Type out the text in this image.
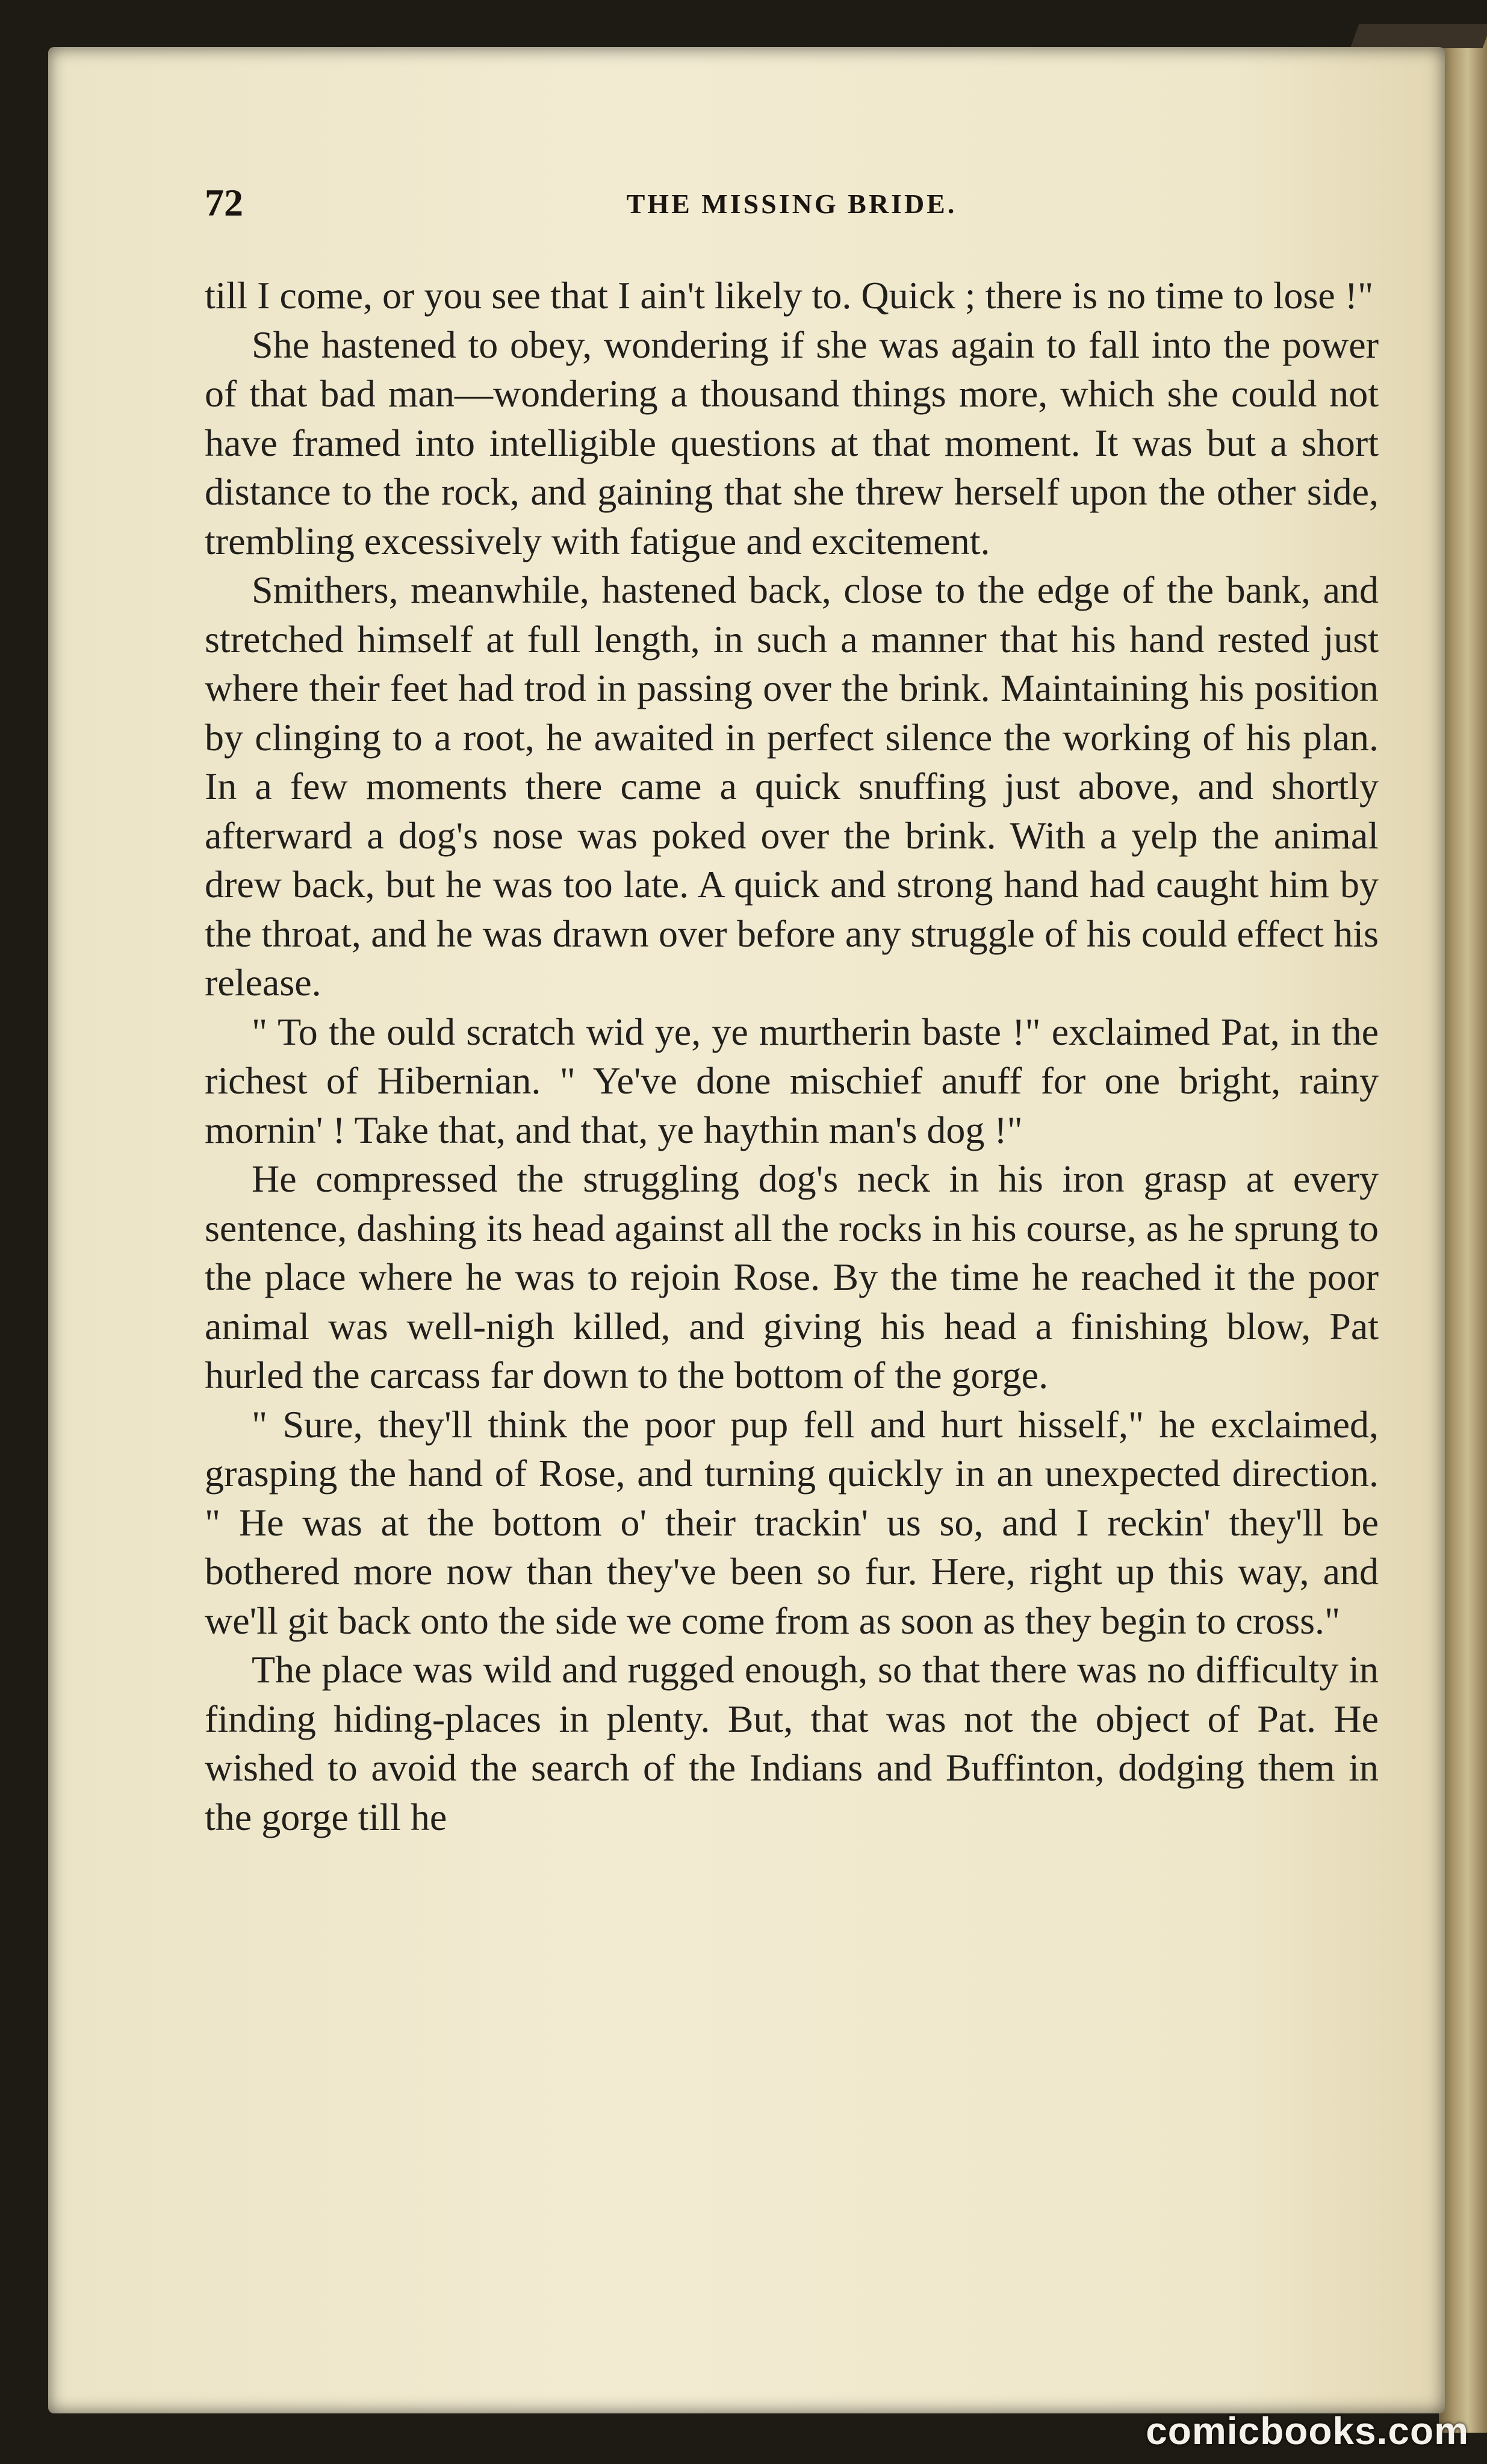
72	THE MISSING BRIDE.

till I come, or you see that I ain't likely to. Quick ; there is no time to lose !"

She hastened to obey, wondering if she was again to fall into the power of that bad man—wondering a thousand things more, which she could not have framed into intelligible questions at that moment. It was but a short distance to the rock, and gaining that she threw herself upon the other side, trembling excessively with fatigue and excitement.

Smithers, meanwhile, hastened back, close to the edge of the bank, and stretched himself at full length, in such a manner that his hand rested just where their feet had trod in passing over the brink. Maintaining his position by clinging to a root, he awaited in perfect silence the working of his plan. In a few moments there came a quick snuffing just above, and shortly afterward a dog's nose was poked over the brink. With a yelp the animal drew back, but he was too late. A quick and strong hand had caught him by the throat, and he was drawn over before any struggle of his could effect his release.

" To the ould scratch wid ye, ye murtherin baste !" exclaimed Pat, in the richest of Hibernian. " Ye've done mischief anuff for one bright, rainy mornin' ! Take that, and that, ye haythin man's dog !"

He compressed the struggling dog's neck in his iron grasp at every sentence, dashing its head against all the rocks in his course, as he sprung to the place where he was to rejoin Rose. By the time he reached it the poor animal was well-nigh killed, and giving his head a finishing blow, Pat hurled the carcass far down to the bottom of the gorge.

" Sure, they'll think the poor pup fell and hurt hisself," he exclaimed, grasping the hand of Rose, and turning quickly in an unexpected direction. " He was at the bottom o' their trackin' us so, and I reckin' they'll be bothered more now than they've been so fur. Here, right up this way, and we'll git back onto the side we come from as soon as they begin to cross."

The place was wild and rugged enough, so that there was no difficulty in finding hiding-places in plenty. But, that was not the object of Pat. He wished to avoid the search of the Indians and Buffinton, dodging them in the gorge till he

comicbooks.com
